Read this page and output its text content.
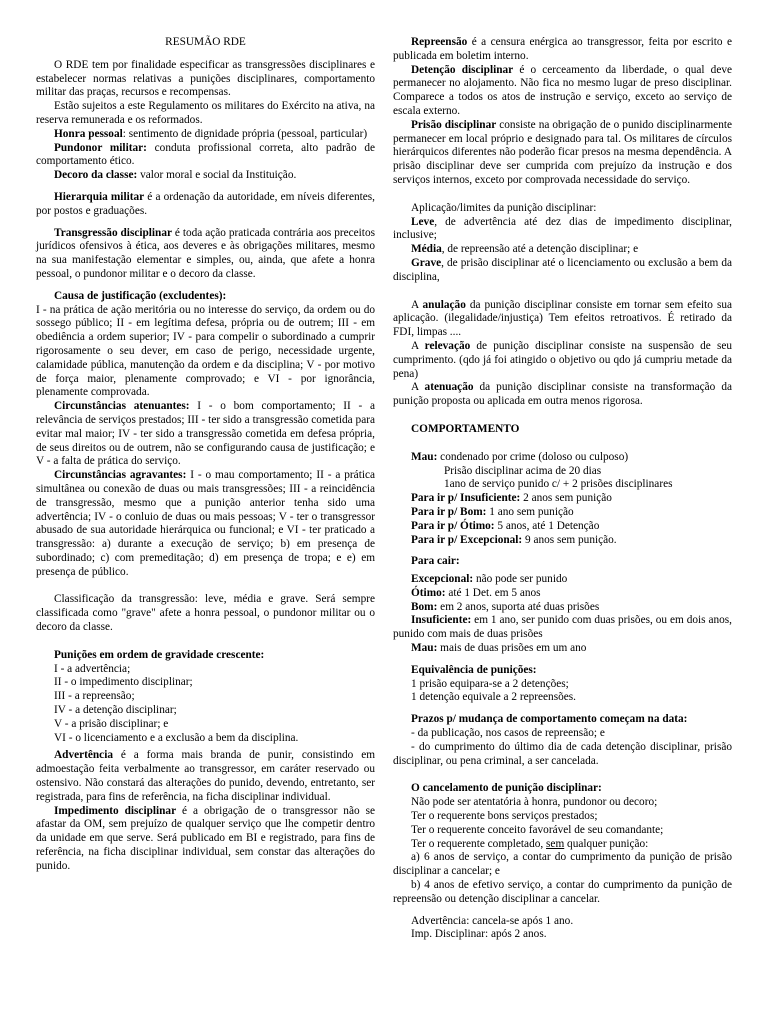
RESUMÃO RDE

O RDE tem por finalidade especificar as transgressões disciplinares e estabelecer normas relativas a punições disciplinares, comportamento militar das praças, recursos e recompensas.

Estão sujeitos a este Regulamento os militares do Exército na ativa, na reserva remunerada e os reformados.

Honra pessoal: sentimento de dignidade própria (pessoal, particular)

Pundonor militar: conduta profissional correta, alto padrão de comportamento ético.

Decoro da classe: valor moral e social da Instituição.

Hierarquia militar é a ordenação da autoridade, em níveis diferentes, por postos e graduações.

Transgressão disciplinar é toda ação praticada contrária aos preceitos jurídicos ofensivos à ética, aos deveres e às obrigações militares, mesmo na sua manifestação elementar e simples, ou, ainda, que afete a honra pessoal, o pundonor militar e o decoro da classe.

Causa de justificação (excludentes):

I - na prática de ação meritória ou no interesse do serviço, da ordem ou do sossego público; II - em legítima defesa, própria ou de outrem; III - em obediência a ordem superior; IV - para compelir o subordinado a cumprir rigorosamente o seu dever, em caso de perigo, necessidade urgente, calamidade pública, manutenção da ordem e da disciplina; V - por motivo de força maior, plenamente comprovado; e VI - por ignorância, plenamente comprovada.

Circunstâncias atenuantes: I - o bom comportamento; II - a relevância de serviços prestados; III - ter sido a transgressão cometida para evitar mal maior; IV - ter sido a transgressão cometida em defesa própria, de seus direitos ou de outrem, não se configurando causa de justificação; e V - a falta de prática do serviço.

Circunstâncias agravantes: I - o mau comportamento; II - a prática simultânea ou conexão de duas ou mais transgressões; III - a reincidência de transgressão, mesmo que a punição anterior tenha sido uma advertência; IV - o conluio de duas ou mais pessoas; V - ter o transgressor abusado de sua autoridade hierárquica ou funcional; e VI - ter praticado a transgressão: a) durante a execução de serviço; b) em presença de subordinado; c) com premeditação; d) em presença de tropa; e e) em presença de público.

Classificação da transgressão: leve, média e grave. Será sempre classificada como "grave" afete a honra pessoal, o pundonor militar ou o decoro da classe.

Punições em ordem de gravidade crescente:

I - a advertência;

II - o impedimento disciplinar;

III - a repreensão;

IV - a detenção disciplinar;

V - a prisão disciplinar; e

VI - o licenciamento e a exclusão a bem da disciplina.

Advertência é a forma mais branda de punir, consistindo em admoestação feita verbalmente ao transgressor, em caráter reservado ou ostensivo. Não constará das alterações do punido, devendo, entretanto, ser registrada, para fins de referência, na ficha disciplinar individual.

Impedimento disciplinar é a obrigação de o transgressor não se afastar da OM, sem prejuízo de qualquer serviço que lhe competir dentro da unidade em que serve. Será publicado em BI e registrado, para fins de referência, na ficha disciplinar individual, sem constar das alterações do punido.

Repreensão é a censura enérgica ao transgressor, feita por escrito e publicada em boletim interno.

Detenção disciplinar é o cerceamento da liberdade, o qual deve permanecer no alojamento. Não fica no mesmo lugar de preso disciplinar. Comparece a todos os atos de instrução e serviço, exceto ao serviço de escala externo.

Prisão disciplinar consiste na obrigação de o punido disciplinarmente permanecer em local próprio e designado para tal. Os militares de círculos hierárquicos diferentes não poderão ficar presos na mesma dependência. A prisão disciplinar deve ser cumprida com prejuízo da instrução e dos serviços internos, exceto por comprovada necessidade do serviço.

Aplicação/limites da punição disciplinar:

Leve, de advertência até dez dias de impedimento disciplinar, inclusive;

Média, de repreensão até a detenção disciplinar; e

Grave, de prisão disciplinar até o licenciamento ou exclusão a bem da disciplina,

A anulação da punição disciplinar consiste em tornar sem efeito sua aplicação. (ilegalidade/injustiça) Tem efeitos retroativos. É retirado da FDI, limpas ....

A relevação de punição disciplinar consiste na suspensão de seu cumprimento. (qdo já foi atingido o objetivo ou qdo já cumpriu metade da pena)

A atenuação da punição disciplinar consiste na transformação da punição proposta ou aplicada em outra menos rigorosa.

COMPORTAMENTO

Mau: condenado por crime (doloso ou culposo)

Prisão disciplinar acima de 20 dias

1ano de serviço punido c/ + 2 prisões disciplinares

Para ir p/ Insuficiente: 2 anos sem punição

Para ir p/ Bom: 1 ano sem punição

Para ir p/ Ótimo: 5 anos, até 1 Detenção

Para ir p/ Excepcional: 9 anos sem punição.

Para cair:

Excepcional: não pode ser punido

Ótimo: até 1 Det. em 5 anos

Bom: em 2 anos, suporta até duas prisões

Insuficiente: em 1 ano, ser punido com duas prisões, ou em dois anos, punido com mais de duas prisões

Mau: mais de duas prisões em um ano

Equivalência de punições:

1 prisão equipara-se a 2 detenções;

1 detenção equivale a 2 repreensões.

Prazos p/ mudança de comportamento começam na data:

- da publicação, nos casos de repreensão; e

- do cumprimento do último dia de cada detenção disciplinar, prisão disciplinar, ou pena criminal, a ser cancelada.

O cancelamento de punição disciplinar:

Não pode ser atentatória à honra, pundonor ou decoro;

Ter o requerente bons serviços prestados;

Ter o requerente conceito favorável de seu comandante;

Ter o requerente completado, sem qualquer punição:

a) 6 anos de serviço, a contar do cumprimento da punição de prisão disciplinar a cancelar; e

b) 4 anos de efetivo serviço, a contar do cumprimento da punição de repreensão ou detenção disciplinar a cancelar.

Advertência: cancela-se após 1 ano.

Imp. Disciplinar: após 2 anos.
